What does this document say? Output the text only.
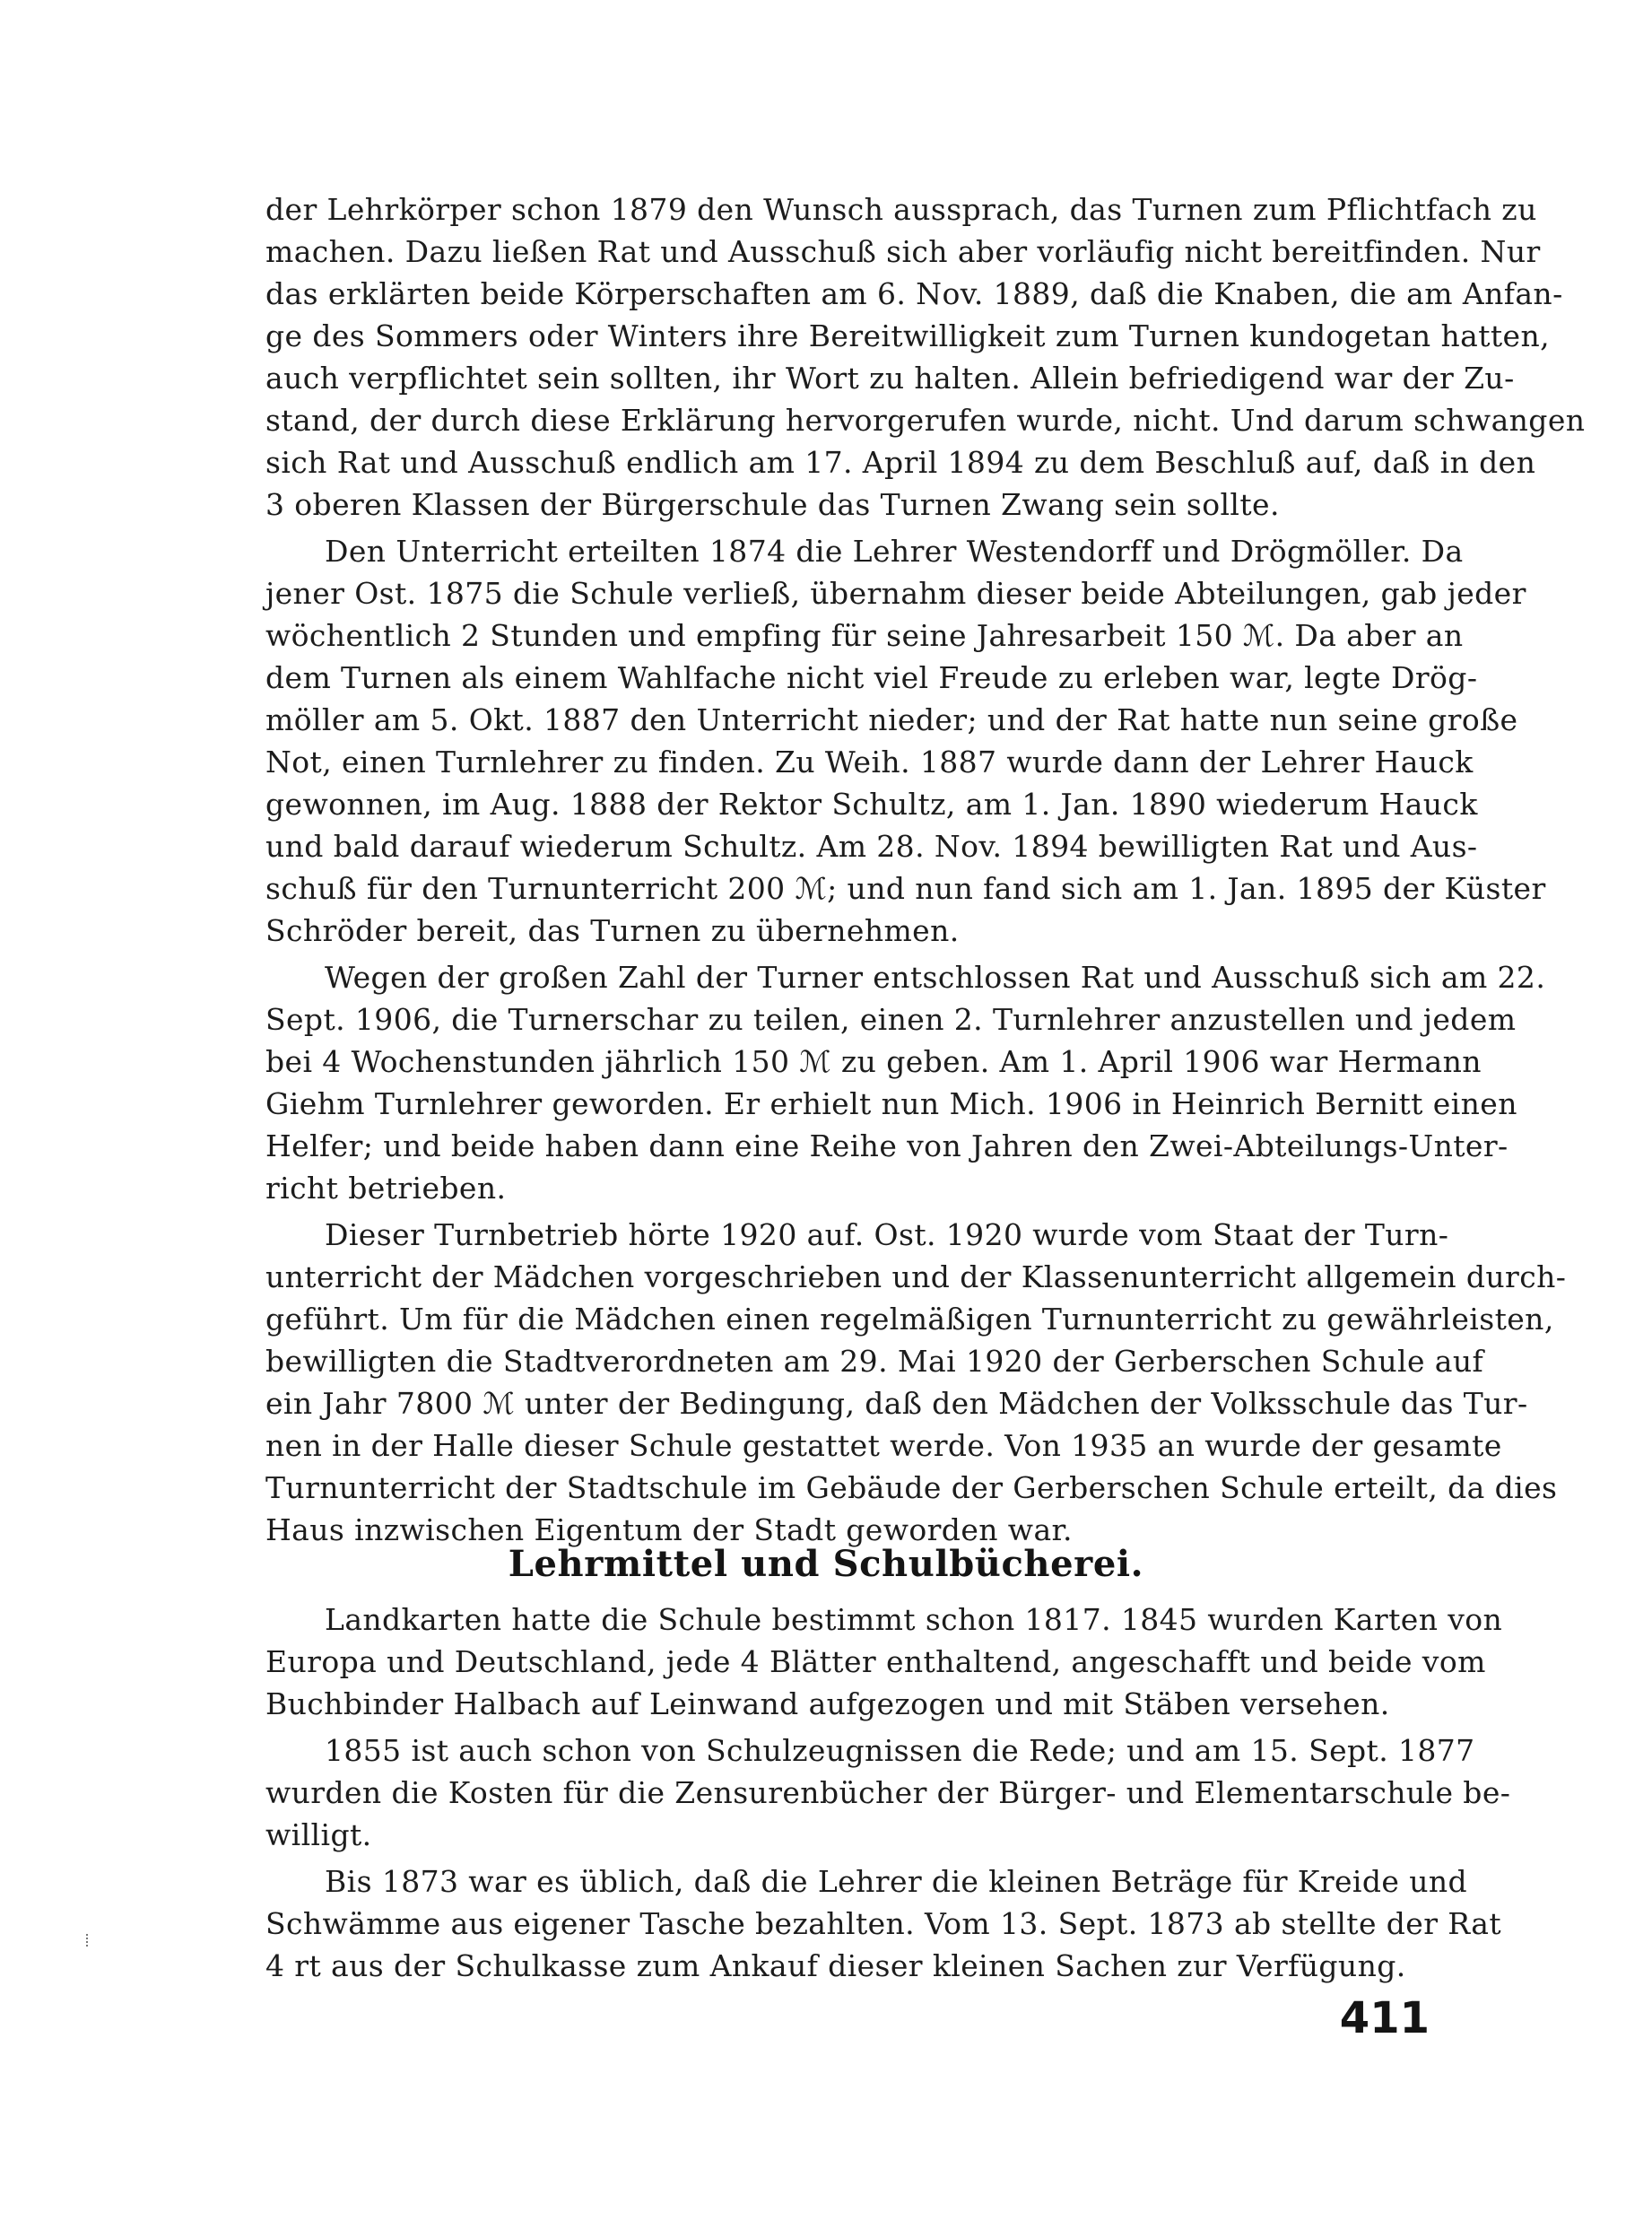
der Lehrkörper schon 1879 den Wunsch aussprach, das Turnen zum Pflichtfach zu
machen. Dazu ließen Rat und Ausschuß sich aber vorläufig nicht bereitfinden. Nur
das erklärten beide Körperschaften am 6. Nov. 1889, daß die Knaben, die am Anfan-
ge des Sommers oder Winters ihre Bereitwilligkeit zum Turnen kundogetan hatten,
auch verpflichtet sein sollten, ihr Wort zu halten. Allein befriedigend war der Zu-
stand, der durch diese Erklärung hervorgerufen wurde, nicht. Und darum schwangen
sich Rat und Ausschuß endlich am 17. April 1894 zu dem Beschluß auf, daß in den
3 oberen Klassen der Bürgerschule das Turnen Zwang sein sollte.
Den Unterricht erteilten 1874 die Lehrer Westendorff und Drögmöller. Da
jener Ost. 1875 die Schule verließ, übernahm dieser beide Abteilungen, gab jeder
wöchentlich 2 Stunden und empfing für seine Jahresarbeit 150 ℳ. Da aber an
dem Turnen als einem Wahlfache nicht viel Freude zu erleben war, legte Drög-
möller am 5. Okt. 1887 den Unterricht nieder; und der Rat hatte nun seine große
Not, einen Turnlehrer zu finden. Zu Weih. 1887 wurde dann der Lehrer Hauck
gewonnen, im Aug. 1888 der Rektor Schultz, am 1. Jan. 1890 wiederum Hauck
und bald darauf wiederum Schultz. Am 28. Nov. 1894 bewilligten Rat und Aus-
schuß für den Turnunterricht 200 ℳ; und nun fand sich am 1. Jan. 1895 der Küster
Schröder bereit, das Turnen zu übernehmen.
Wegen der großen Zahl der Turner entschlossen Rat und Ausschuß sich am 22.
Sept. 1906, die Turnerschar zu teilen, einen 2. Turnlehrer anzustellen und jedem
bei 4 Wochenstunden jährlich 150 ℳ zu geben. Am 1. April 1906 war Hermann
Giehm Turnlehrer geworden. Er erhielt nun Mich. 1906 in Heinrich Bernitt einen
Helfer; und beide haben dann eine Reihe von Jahren den Zwei-Abteilungs-Unter-
richt betrieben.
Dieser Turnbetrieb hörte 1920 auf. Ost. 1920 wurde vom Staat der Turn-
unterricht der Mädchen vorgeschrieben und der Klassenunterricht allgemein durch-
geführt. Um für die Mädchen einen regelmäßigen Turnunterricht zu gewährleisten,
bewilligten die Stadtverordneten am 29. Mai 1920 der Gerberschen Schule auf
ein Jahr 7800 ℳ unter der Bedingung, daß den Mädchen der Volksschule das Tur-
nen in der Halle dieser Schule gestattet werde. Von 1935 an wurde der gesamte
Turnunterricht der Stadtschule im Gebäude der Gerberschen Schule erteilt, da dies
Haus inzwischen Eigentum der Stadt geworden war.
Lehrmittel und Schulbücherei.
Landkarten hatte die Schule bestimmt schon 1817. 1845 wurden Karten von
Europa und Deutschland, jede 4 Blätter enthaltend, angeschafft und beide vom
Buchbinder Halbach auf Leinwand aufgezogen und mit Stäben versehen.
1855 ist auch schon von Schulzeugnissen die Rede; und am 15. Sept. 1877
wurden die Kosten für die Zensurenbücher der Bürger- und Elementarschule be-
willigt.
Bis 1873 war es üblich, daß die Lehrer die kleinen Beträge für Kreide und
Schwämme aus eigener Tasche bezahlten. Vom 13. Sept. 1873 ab stellte der Rat
4 rt aus der Schulkasse zum Ankauf dieser kleinen Sachen zur Verfügung.
411
